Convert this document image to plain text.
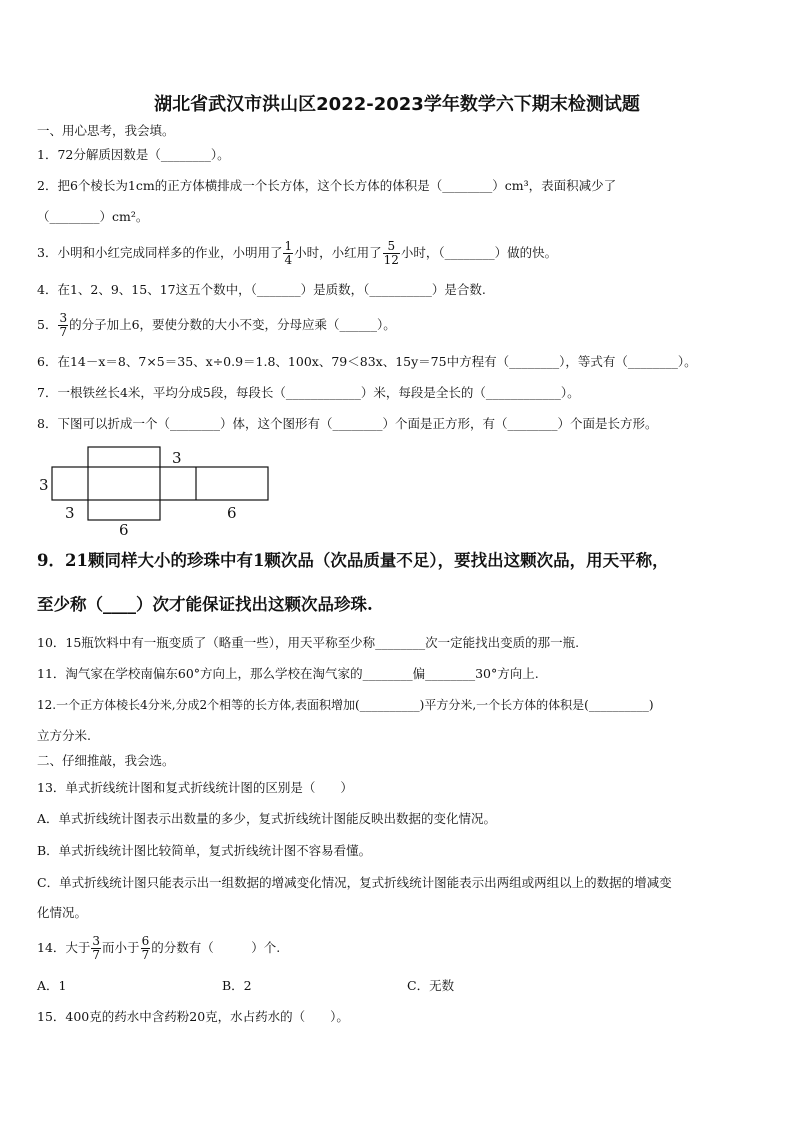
湖北省武汉市洪山区2022-2023学年数学六下期末检测试题
一、用心思考，我会填。
1．72分解质因数是（________）。
2．把6个棱长为1cm的正方体横排成一个长方体，这个长方体的体积是（________）cm³，表面积减少了
（________）cm²。
3．小明和小红完成同样多的作业，小明用了 $\frac{1}{4}$ 小时，小红用了 $\frac{5}{12}$ 小时，（________）做的快。
4．在1、2、9、15、17这五个数中，（_______）是质数，（__________）是合数.
5． $\frac{3}{7}$ 的分子加上6，要使分数的大小不变，分母应乘（______）。
6．在14－x＝8、7×5＝35、x÷0.9＝1.8、100x、79＜83x、15y＝75中方程有（________），等式有（________）。
7．一根铁丝长4米，平均分成5段，每段长（____________）米，每段是全长的（____________）。
8．下图可以折成一个（________）体，这个图形有（________）个面是正方形，有（________）个面是长方形。
3
3
3
6
6
9．21颗同样大小的珍珠中有1颗次品（次品质量不足），要找出这颗次品，用天平称，
至少称（____）次才能保证找出这颗次品珍珠.
10．15瓶饮料中有一瓶变质了（略重一些），用天平称至少称________次一定能找出变质的那一瓶.
11．淘气家在学校南偏东60°方向上，那么学校在淘气家的________偏________30°方向上.
12.一个正方体棱长4分米,分成2个相等的长方体,表面积增加(__________)平方分米,一个长方体的体积是(__________)
立方分米.
二、仔细推敲，我会选。
13．单式折线统计图和复式折线统计图的区别是（　　）
A．单式折线统计图表示出数量的多少，复式折线统计图能反映出数据的变化情况。
B．单式折线统计图比较简单，复式折线统计图不容易看懂。
C．单式折线统计图只能表示出一组数据的增减变化情况，复式折线统计图能表示出两组或两组以上的数据的增减变
化情况。
14．大于 $\frac{3}{7}$ 而小于 $\frac{6}{7}$ 的分数有（　　　）个.
A．1	B．2	C．无数
15．400克的药水中含药粉20克，水占药水的（　　）。
